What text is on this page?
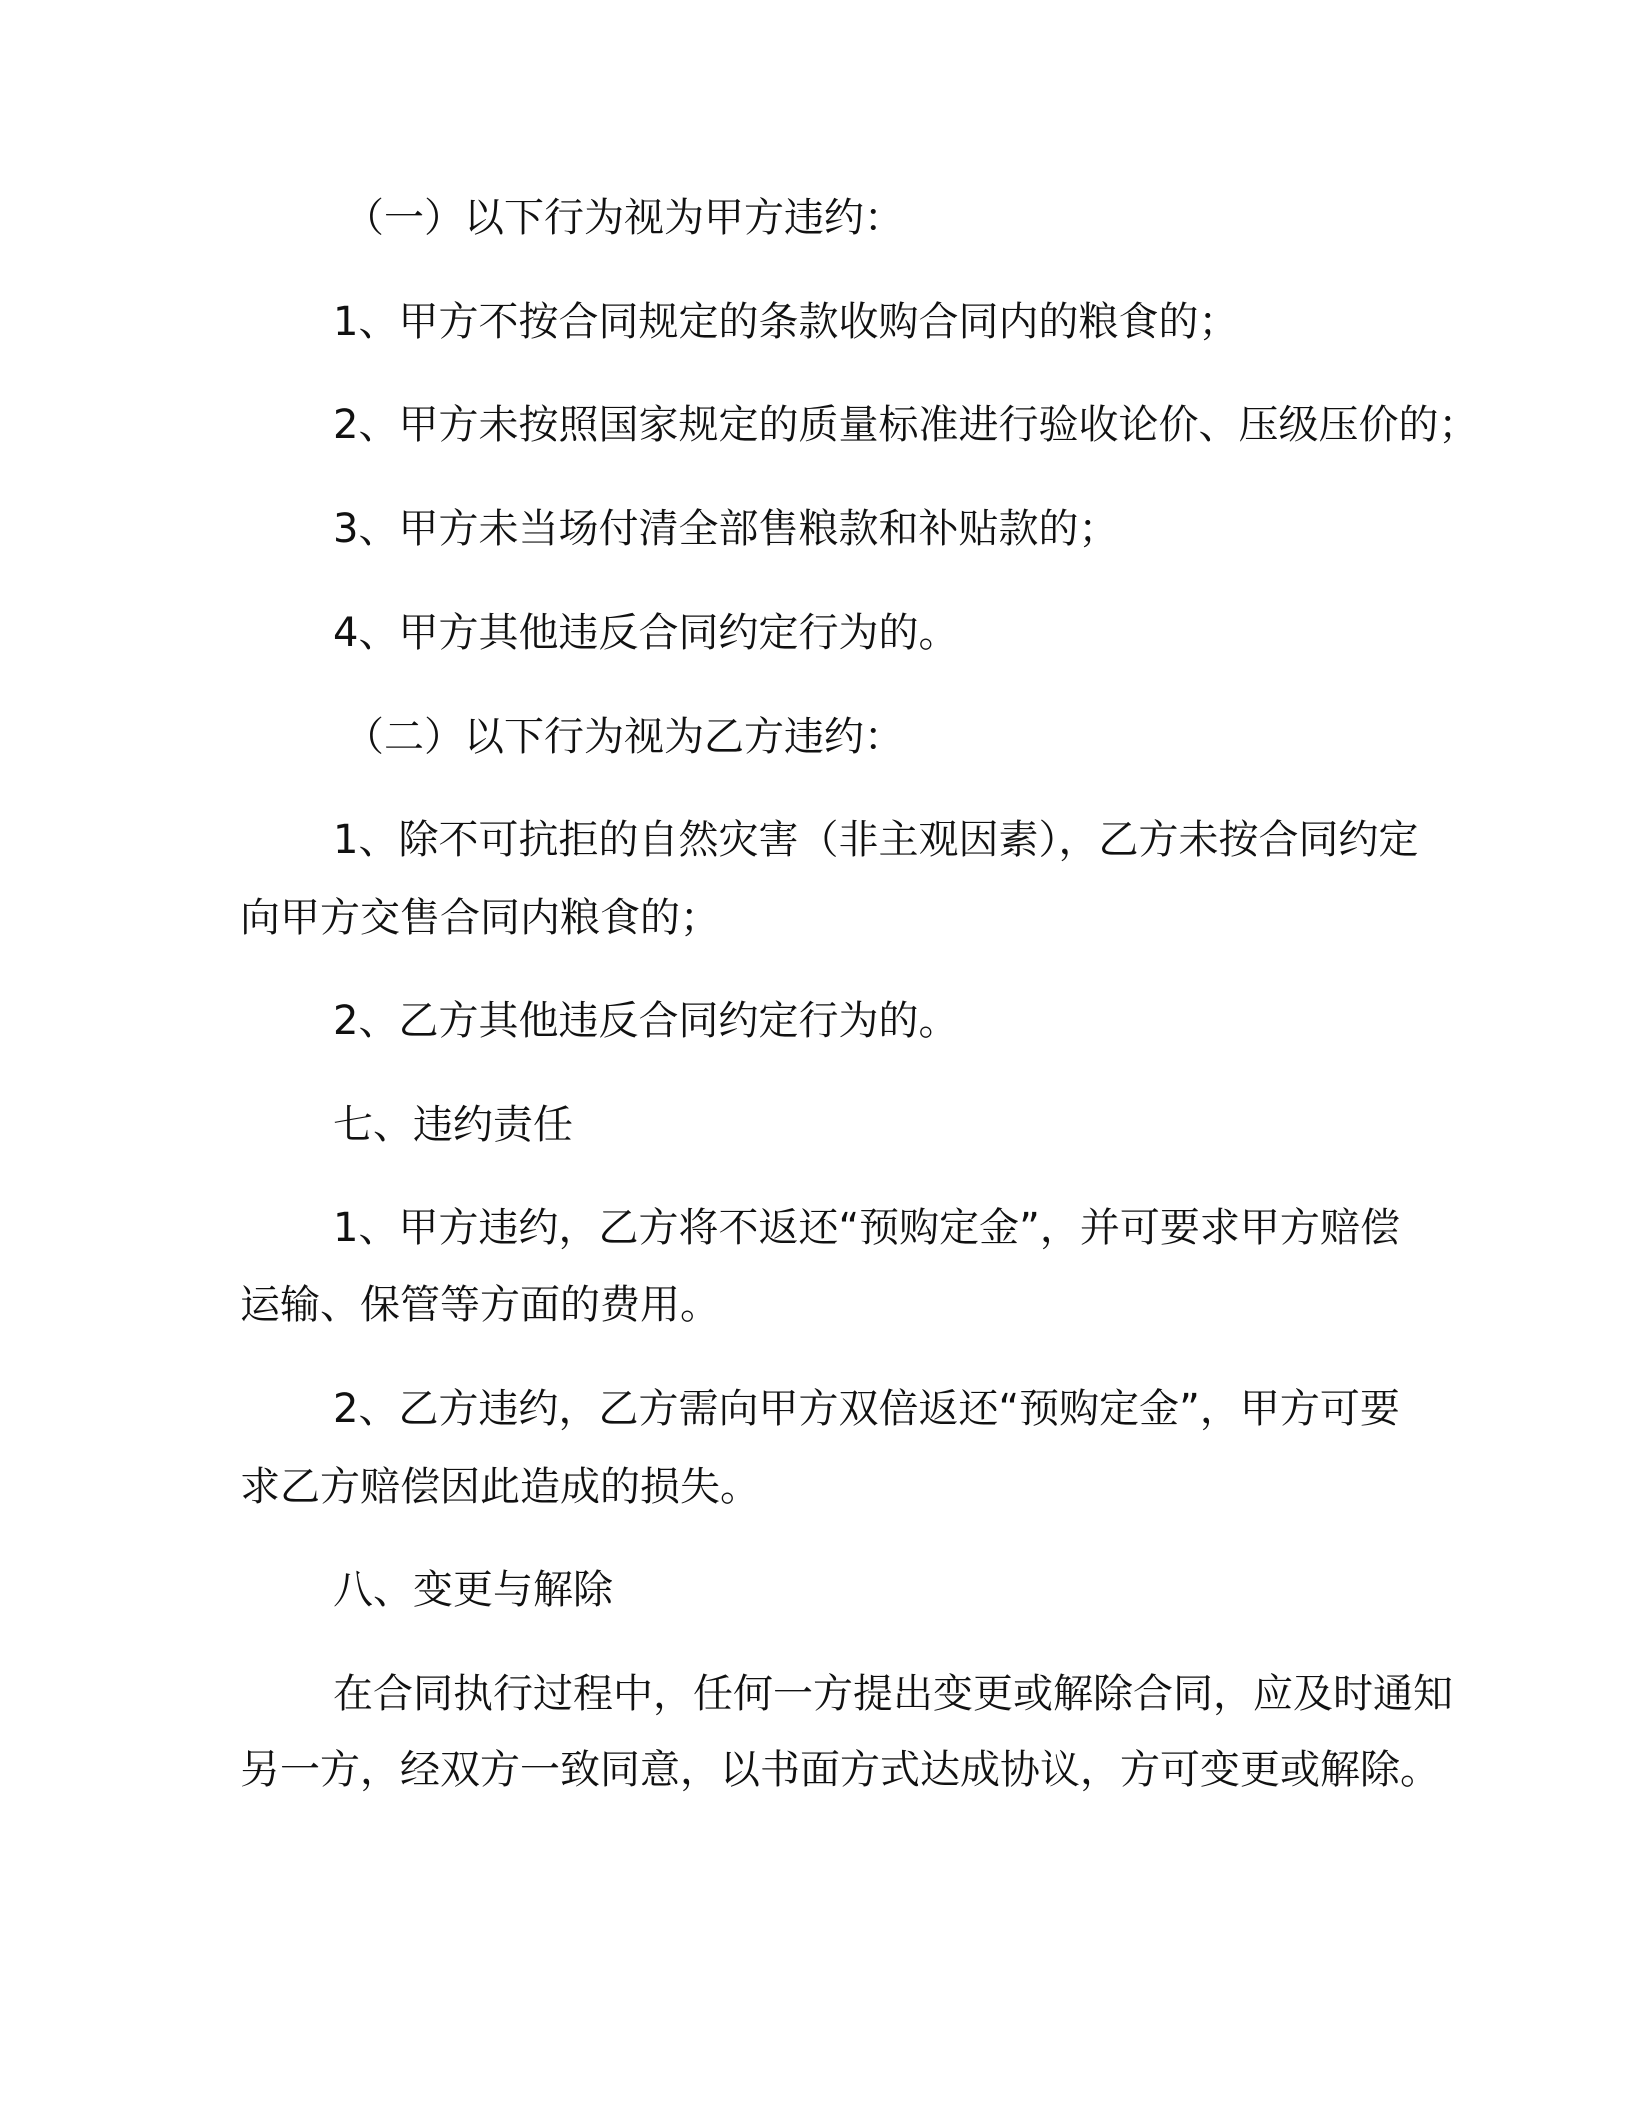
（一）以下行为视为甲方违约：
1、甲方不按合同规定的条款收购合同内的粮食的；
2、甲方未按照国家规定的质量标准进行验收论价、压级压价的；
3、甲方未当场付清全部售粮款和补贴款的；
4、甲方其他违反合同约定行为的。
（二）以下行为视为乙方违约：
1、除不可抗拒的自然灾害（非主观因素），乙方未按合同约定
向甲方交售合同内粮食的；
2、乙方其他违反合同约定行为的。
七、违约责任
1、甲方违约，乙方将不返还“预购定金”，并可要求甲方赔偿
运输、保管等方面的费用。
2、乙方违约，乙方需向甲方双倍返还“预购定金”，甲方可要
求乙方赔偿因此造成的损失。
八、变更与解除
在合同执行过程中，任何一方提出变更或解除合同，应及时通知
另一方，经双方一致同意，以书面方式达成协议，方可变更或解除。
